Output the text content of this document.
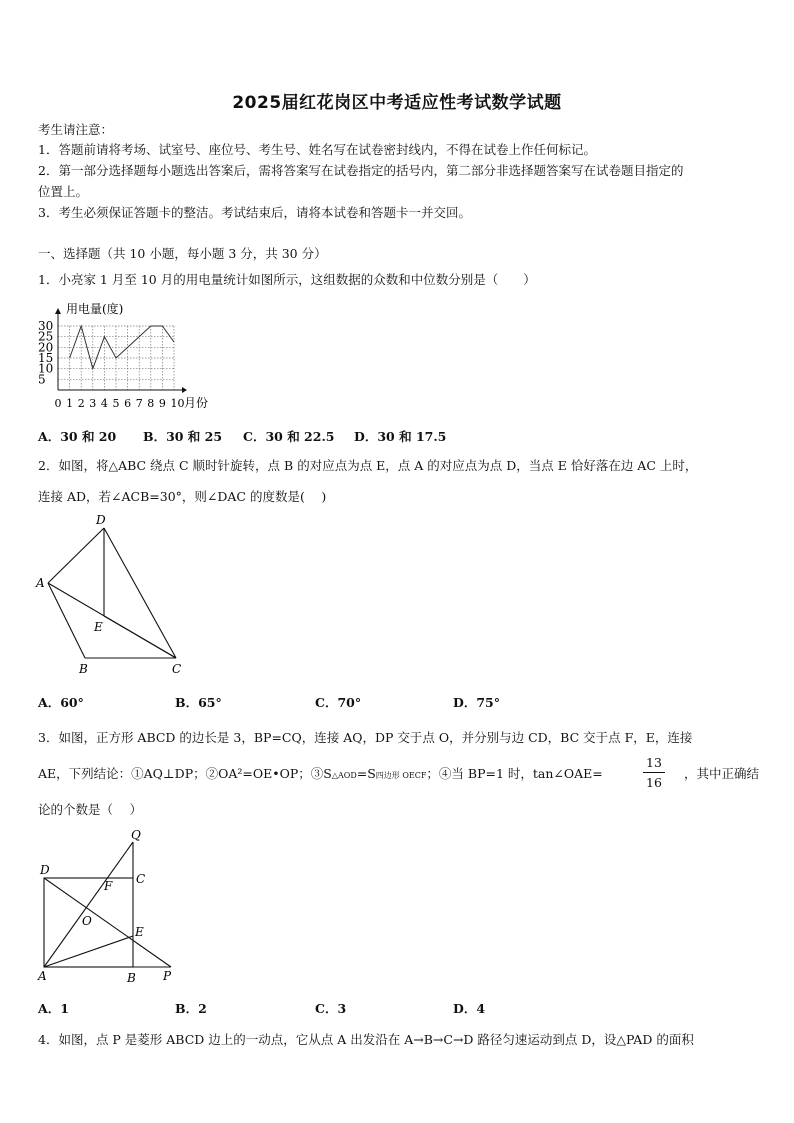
2025届红花岗区中考适应性考试数学试题
考生请注意：
1．答题前请将考场、试室号、座位号、考生号、姓名写在试卷密封线内，不得在试卷上作任何标记。
2．第一部分选择题每小题选出答案后，需将答案写在试卷指定的括号内，第二部分非选择题答案写在试卷题目指定的
位置上。
3．考生必须保证答题卡的整洁。考试结束后，请将本试卷和答题卡一并交回。
一、选择题（共 10 小题，每小题 3 分，共 30 分）
1．小亮家 1 月至 10 月的用电量统计如图所示，这组数据的众数和中位数分别是（　　）
用电量(度)
5
10
15
20
25
30
0 1 2 3 4 5 6 7 8 9 10 月份
A．30 和 20 B．30 和 25 C．30 和 22.5 D．30 和 17.5
2．如图，将△ABC 绕点 C 顺时针旋转，点 B 的对应点为点 E，点 A 的对应点为点 D，当点 E 恰好落在边 AC 上时，
连接 AD，若∠ACB=30°，则∠DAC 的度数是(　 )
D
A
E
B	C
A．60°	B．65°	C．70°	D．75°
3．如图，正方形 ABCD 的边长是 3，BP=CQ，连接 AQ，DP 交于点 O，并分别与边 CD，BC 交于点 F，E，连接
AE，下列结论：①AQ⊥DP；②OA²=OE•OP；③S△AOD=S四边形 OECF；④当 BP=1 时，tan∠OAE=
13
16
，其中正确结
论的个数是（　 ）
Q
D
C
F
O
E
A	B P
A．1	B．2	C．3	D．4
4．如图，点 P 是菱形 ABCD 边上的一动点，它从点 A 出发沿在 A→B→C→D 路径匀速运动到点 D，设△PAD 的面积
